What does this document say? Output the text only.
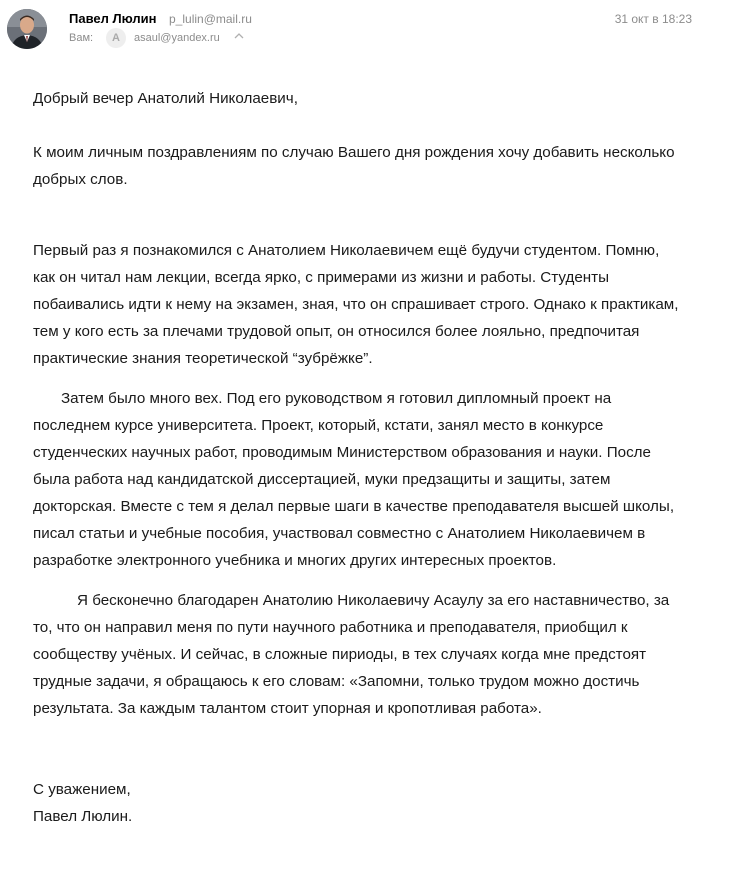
Павел Люлин p_lulin@mail.ru	31 окт в 18:23
Вам:	A	asaul@yandex.ru

Добрый вечер Анатолий Николаевич,

К моим личным поздравлениям по случаю Вашего дня рождения хочу добавить несколько
добрых слов.

Первый раз я познакомился с Анатолием Николаевичем ещё будучи студентом. Помню,
как он читал нам лекции, всегда ярко, с примерами из жизни и работы. Студенты
побаивались идти к нему на экзамен, зная, что он спрашивает строго. Однако к практикам,
тем у кого есть за плечами трудовой опыт, он относился более лояльно, предпочитая
практические знания теоретической “зубрёжке”.

Затем было много вех. Под его руководством я готовил дипломный проект на
последнем курсе университета. Проект, который, кстати, занял место в конкурсе
студенческих научных работ, проводимым Министерством образования и науки. После
была работа над кандидатской диссертацией, муки предзащиты и защиты, затем
докторская. Вместе с тем я делал первые шаги в качестве преподавателя высшей школы,
писал статьи и учебные пособия, участвовал совместно с Анатолием Николаевичем в
разработке электронного учебника и многих других интересных проектов.

Я бесконечно благодарен Анатолию Николаевичу Асаулу за его наставничество, за
то, что он направил меня по пути научного работника и преподавателя, приобщил к
сообществу учёных. И сейчас, в сложные пириоды, в тех случаях когда мне предстоят
трудные задачи, я обращаюсь к его словам: «Запомни, только трудом можно достичь
результата. За каждым талантом стоит упорная и кропотливая работа».

С уважением,

Павел Люлин.
